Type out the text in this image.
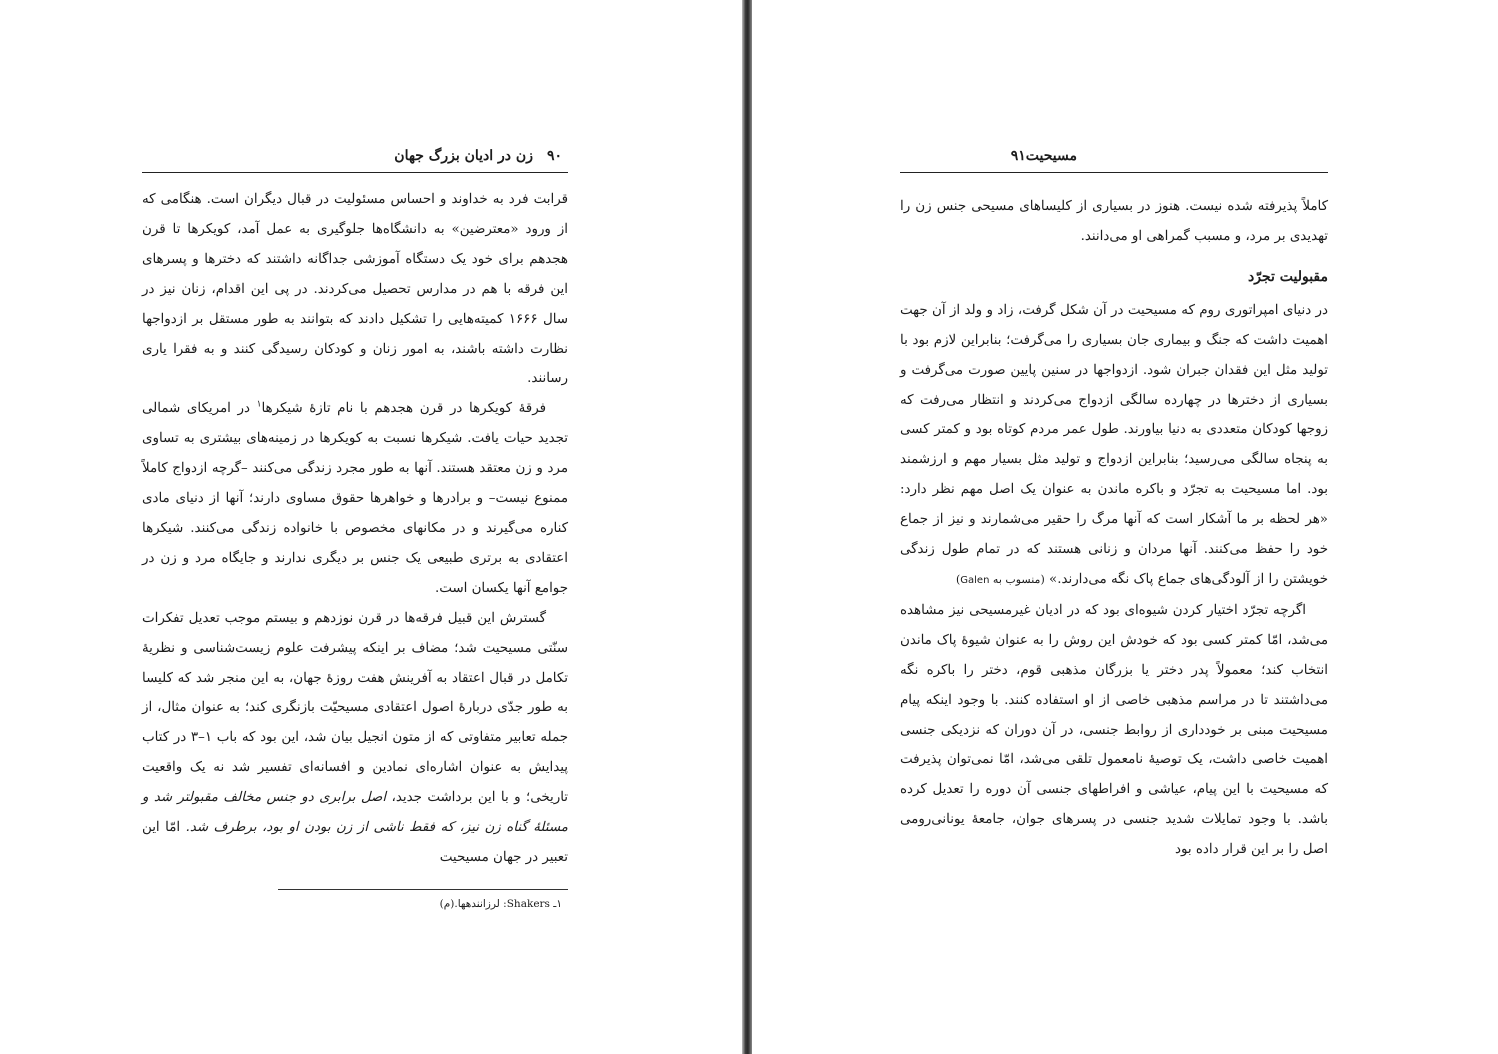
۹۰زن در ادیان بزرگ جهان

قرابت فرد به خداوند و احساس مسئولیت در قبال دیگران است. هنگامی که از ورود «معترضین» به دانشگاه‌ها جلوگیری به عمل آمد، کویکرها تا قرن هجدهم برای خود یک دستگاه آموزشی جداگانه داشتند که دخترها و پسرهای این فرقه با هم در مدارس تحصیل می‌کردند. در پی این اقدام، زنان نیز در سال ۱۶۶۶ کمیته‌هایی را تشکیل دادند که بتوانند به طور مستقل بر ازدواجها نظارت داشته باشند، به امور زنان و کودکان رسیدگی کنند و به فقرا یاری رسانند.

فرقهٔ کویکرها در قرن هجدهم با نام تازهٔ شیکرها$^۱$ در امریکای شمالی تجدید حیات یافت. شیکرها نسبت به کویکرها در زمینه‌های بیشتری به تساوی مرد و زن معتقد هستند. آنها به طور مجرد زندگی می‌کنند –گرچه ازدواج کاملاً ممنوع نیست– و برادرها و خواهرها حقوق مساوی دارند؛ آنها از دنیای مادی کناره می‌گیرند و در مکانهای مخصوص با خانواده زندگی می‌کنند. شیکرها اعتقادی به برتری طبیعی یک جنس بر دیگری ندارند و جایگاه مرد و زن در جوامع آنها یکسان است.

گسترش این قبیل فرقه‌ها در قرن نوزدهم و بیستم موجب تعدیل تفکرات سنّتی مسیحیت شد؛ مضاف بر اینکه پیشرفت علوم زیست‌شناسی و نظریهٔ تکامل در قبال اعتقاد به آفرینش هفت روزهٔ جهان، به این منجر شد که کلیسا به طور جدّی دربارهٔ اصول اعتقادی مسیحیّت بازنگری کند؛ به عنوان مثال، از جمله تعابیر متفاوتی که از متون انجیل بیان شد، این بود که باب ۱–۳ در کتاب پیدایش به عنوان اشاره‌ای نمادین و افسانه‌ای تفسیر شد نه یک واقعیت تاریخی؛ و با این برداشت جدید، اصل برابری دو جنس مخالف مقبولتر شد و مسئلهٔ گناه زن نیز، که فقط ناشی از زن بودن او بود، برطرف شد. امّا این تعبیر در جهان مسیحیت

۱ـ Shakers: لرزانندهها.(م)
مسیحیت۹۱

کاملاً پذیرفته شده نیست. هنوز در بسیاری از کلیساهای مسیحی جنس زن را تهدیدی بر مرد، و مسبب گمراهی او می‌دانند.

مقبولیت تجرّد

در دنیای امپراتوری روم که مسیحیت در آن شکل گرفت، زاد و ولد از آن جهت اهمیت داشت که جنگ و بیماری جان بسیاری را می‌گرفت؛ بنابراین لازم بود با تولید مثل این فقدان جبران شود. ازدواجها در سنین پایین صورت می‌گرفت و بسیاری از دخترها در چهارده سالگی ازدواج می‌کردند و انتظار می‌رفت که زوجها کودکان متعددی به دنیا بیاورند. طول عمر مردم کوتاه بود و کمتر کسی به پنجاه سالگی می‌رسید؛ بنابراین ازدواج و تولید مثل بسیار مهم و ارزشمند بود. اما مسیحیت به تجرّد و باکره ماندن به عنوان یک اصل مهم نظر دارد: «هر لحظه بر ما آشکار است که آنها مرگ را حقیر می‌شمارند و نیز از جماع خود را حفظ می‌کنند. آنها مردان و زنانی هستند که در تمام طول زندگی خویشتن را از آلودگی‌های جماع پاک نگه می‌دارند.» (منسوب به Galen)

اگرچه تجرّد اختیار کردن شیوه‌ای بود که در ادیان غیرمسیحی نیز مشاهده می‌شد، امّا کمتر کسی بود که خودش این روش را به عنوان شیوهٔ پاک ماندن انتخاب کند؛ معمولاً پدر دختر یا بزرگان مذهبی قوم، دختر را باکره نگه می‌داشتند تا در مراسم مذهبی خاصی از او استفاده کنند. با وجود اینکه پیام مسیحیت مبنی بر خودداری از روابط جنسی، در آن دوران که نزدیکی جنسی اهمیت خاصی داشت، یک توصیهٔ نامعمول تلقی می‌شد، امّا نمی‌توان پذیرفت که مسیحیت با این پیام، عیاشی و افراطهای جنسی آن دوره را تعدیل کرده باشد. با وجود تمایلات شدید جنسی در پسرهای جوان، جامعهٔ یونانی‌رومی اصل را بر این قرار داده بود
